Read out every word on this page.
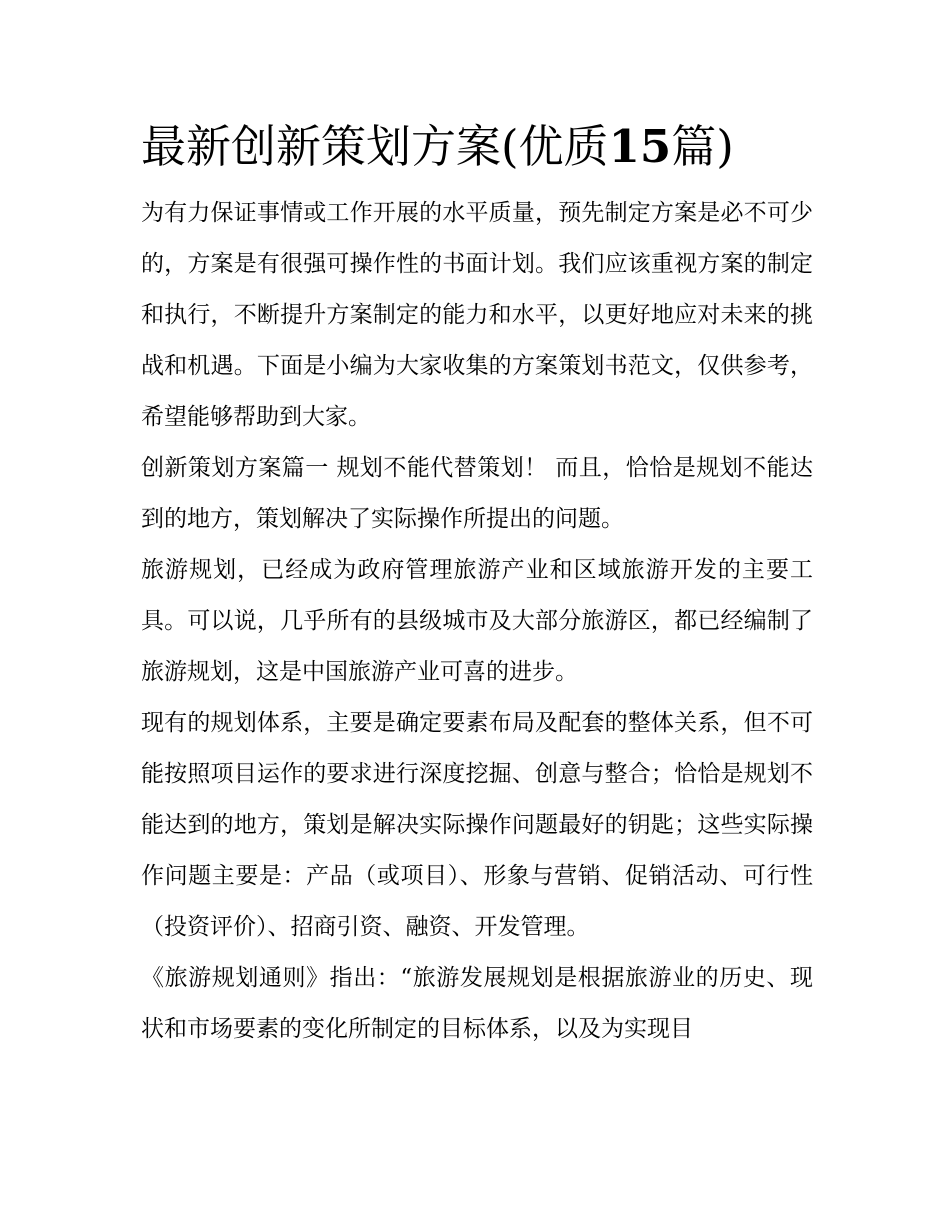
最新创新策划方案(优质15篇)

为有力保证事情或工作开展的水平质量，预先制定方案是必不可少的，方案是有很强可操作性的书面计划。我们应该重视方案的制定和执行，不断提升方案制定的能力和水平，以更好地应对未来的挑战和机遇。下面是小编为大家收集的方案策划书范文，仅供参考，希望能够帮助到大家。

创新策划方案篇一 规划不能代替策划！ 而且，恰恰是规划不能达到的地方，策划解决了实际操作所提出的问题。

旅游规划，已经成为政府管理旅游产业和区域旅游开发的主要工具。可以说，几乎所有的县级城市及大部分旅游区，都已经编制了旅游规划，这是中国旅游产业可喜的进步。

现有的规划体系，主要是确定要素布局及配套的整体关系，但不可能按照项目运作的要求进行深度挖掘、创意与整合；恰恰是规划不能达到的地方，策划是解决实际操作问题最好的钥匙；这些实际操作问题主要是：产品（或项目）、形象与营销、促销活动、可行性（投资评价）、招商引资、融资、开发管理。

《旅游规划通则》指出：“旅游发展规划是根据旅游业的历史、现状和市场要素的变化所制定的目标体系，以及为实现目
